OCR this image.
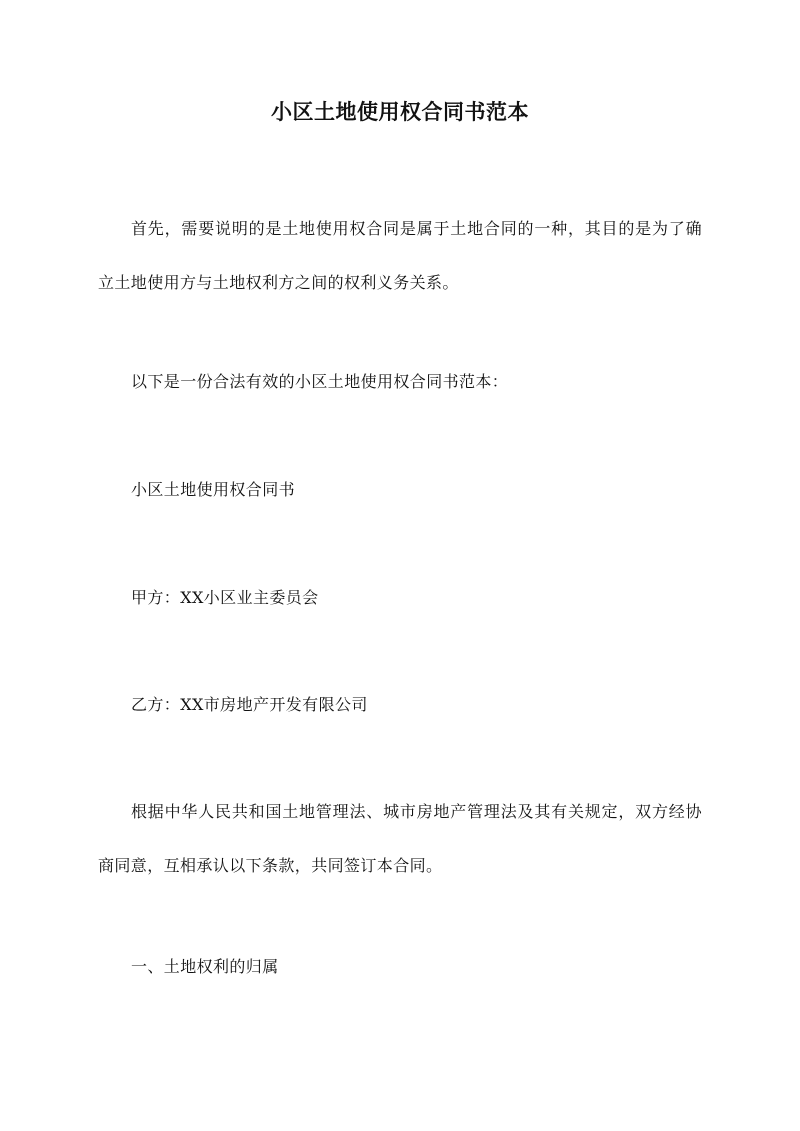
小区土地使用权合同书范本

首先，需要说明的是土地使用权合同是属于土地合同的一种，其目的是为了确立土地使用方与土地权利方之间的权利义务关系。

以下是一份合法有效的小区土地使用权合同书范本：

小区土地使用权合同书

甲方：XX小区业主委员会

乙方：XX市房地产开发有限公司

根据中华人民共和国土地管理法、城市房地产管理法及其有关规定，双方经协商同意，互相承认以下条款，共同签订本合同。

一、土地权利的归属
